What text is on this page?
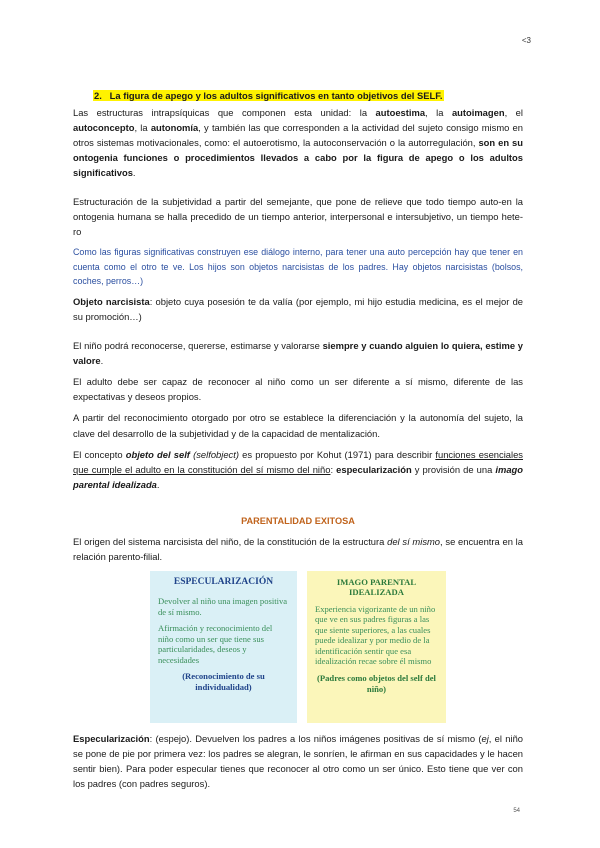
<3

2. La figura de apego y los adultos significativos en tanto objetivos del SELF.

Las estructuras intrapsíquicas que componen esta unidad: la autoestima, la autoimagen, el autoconcepto, la autonomía, y también las que corresponden a la actividad del sujeto consigo mismo en otros sistemas motivacionales, como: el autoerotismo, la autoconservación o la autorregulación, son en su ontogenia funciones o procedimientos llevados a cabo por la figura de apego o los adultos significativos.

Estructuración de la subjetividad a partir del semejante, que pone de relieve que todo tiempo auto-en la ontogenia humana se halla precedido de un tiempo anterior, interpersonal e intersubjetivo, un tiempo hete-ro

Como las figuras significativas construyen ese diálogo interno, para tener una auto percepción hay que tener en cuenta como el otro te ve. Los hijos son objetos narcisistas de los padres. Hay objetos narcisistas (bolsos, coches, perros…)

Objeto narcisista: objeto cuya posesión te da valía (por ejemplo, mi hijo estudia medicina, es el mejor de su promoción…)

El niño podrá reconocerse, quererse, estimarse y valorarse siempre y cuando alguien lo quiera, estime y valore.

El adulto debe ser capaz de reconocer al niño como un ser diferente a sí mismo, diferente de las expectativas y deseos propios.

A partir del reconocimiento otorgado por otro se establece la diferenciación y la autonomía del sujeto, la clave del desarrollo de la subjetividad y de la capacidad de mentalización.

El concepto objeto del self (selfobject) es propuesto por Kohut (1971) para describir funciones esenciales que cumple el adulto en la constitución del sí mismo del niño: especularización y provisión de una imago parental idealizada.

PARENTALIDAD EXITOSA

El origen del sistema narcisista del niño, de la constitución de la estructura del sí mismo, se encuentra en la relación parento-filial.

ESPECULARIZACIÓN

Devolver al niño una imagen positiva de sí mismo.

Afirmación y reconocimiento del niño como un ser que tiene sus particularidades, deseos y necesidades

(Reconocimiento de su individualidad)
IMAGO PARENTAL IDEALIZADA

Experiencia vigorizante de un niño que ve en sus padres figuras a las que siente superiores, a las cuales puede idealizar y por medio de la identificación sentir que esa idealización recae sobre él mismo

(Padres como objetos del self del niño)

Especularización: (espejo). Devuelven los padres a los niños imágenes positivas de sí mismo (ej, el niño se pone de pie por primera vez: los padres se alegran, le sonríen, le afirman en sus capacidades y le hacen sentir bien). Para poder especular tienes que reconocer al otro como un ser único. Esto tiene que ver con los padres (con padres seguros).

54
